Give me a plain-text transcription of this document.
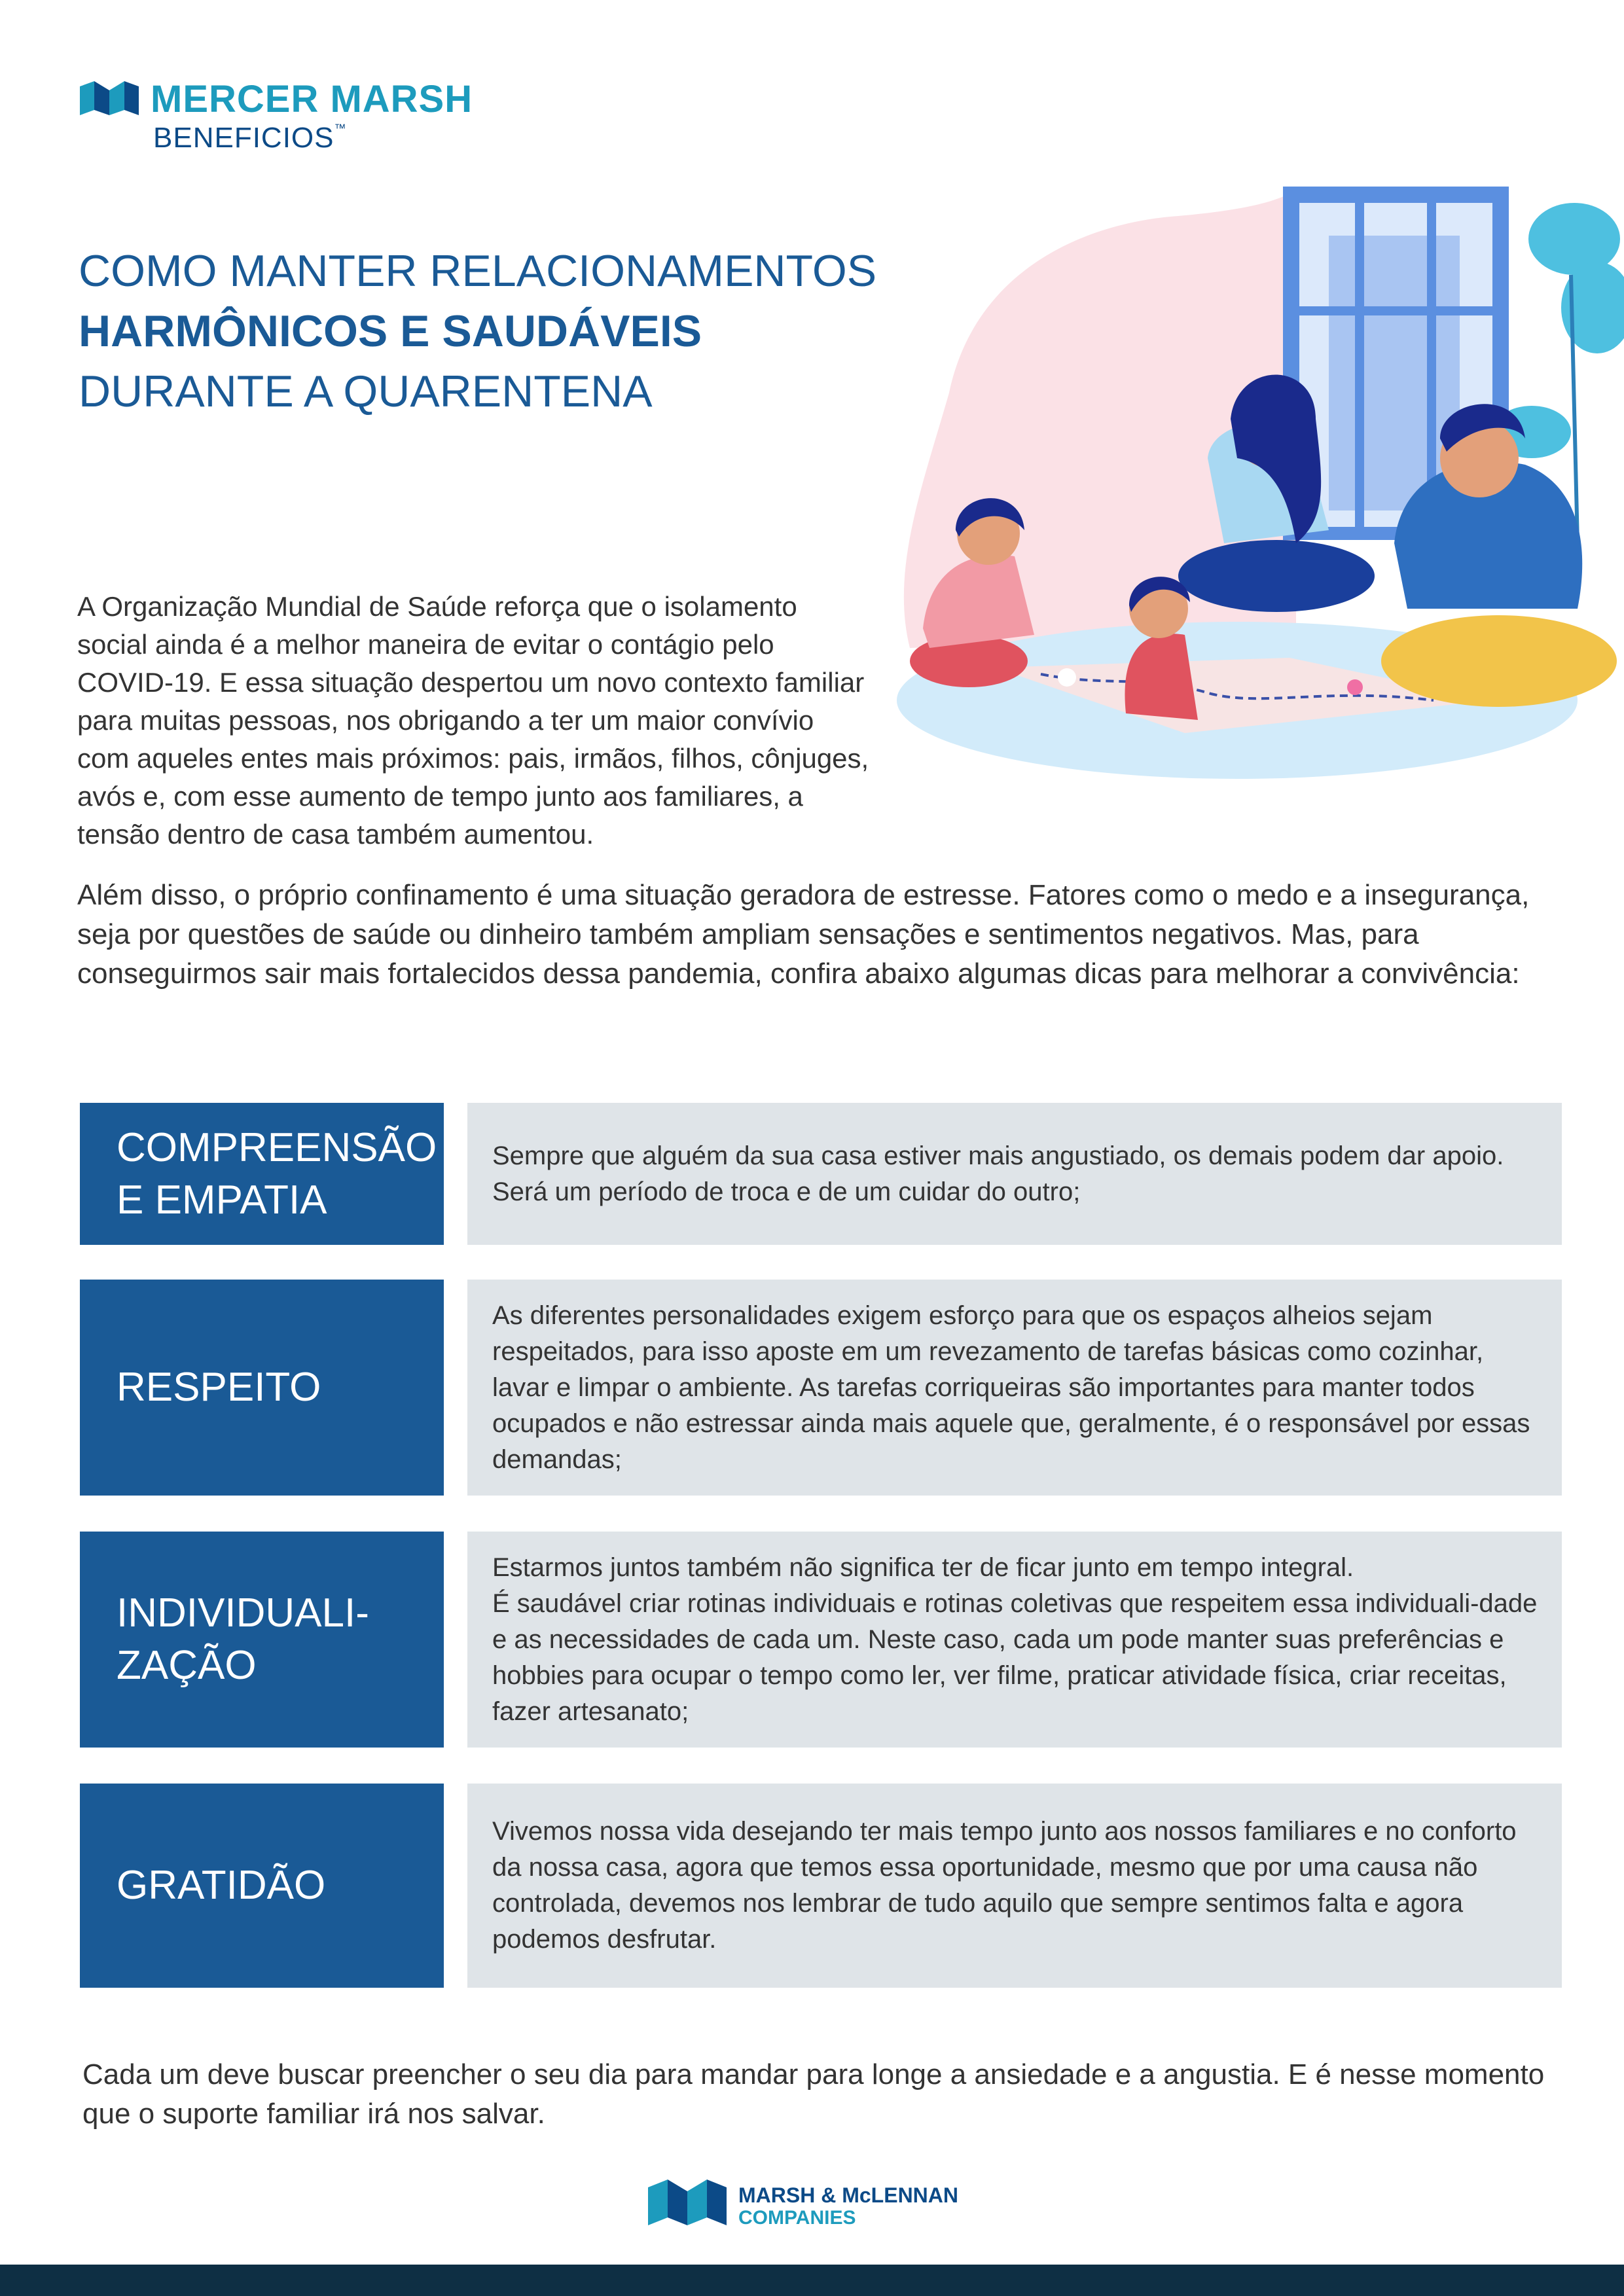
MERCER MARSH
BENEFICIOS™
COMO MANTER RELACIONAMENTOS
HARMÔNICOS E SAUDÁVEIS
DURANTE A QUARENTENA
A Organização Mundial de Saúde reforça que o isolamento social ainda é a melhor maneira de evitar o contágio pelo COVID-19. E essa situação despertou um novo contexto familiar para muitas pessoas, nos obrigando a ter um maior convívio com aqueles entes mais próximos: pais, irmãos, filhos, cônjuges, avós e, com esse aumento de tempo junto aos familiares, a tensão dentro de casa também aumentou.
Além disso, o próprio confinamento é uma situação geradora de estresse. Fatores como o medo e a insegurança, seja por questões de saúde ou dinheiro também ampliam sensações e sentimentos negativos. Mas, para conseguirmos sair mais fortalecidos dessa pandemia, confira abaixo algumas dicas para melhorar a convivência:
COMPREENSÃO E EMPATIA
Sempre que alguém da sua casa estiver mais angustiado, os demais podem dar apoio. Será um período de troca e de um cuidar do outro;
RESPEITO
As diferentes personalidades exigem esforço para que os espaços alheios sejam respeitados, para isso aposte em um revezamento de tarefas básicas como cozinhar, lavar e limpar o ambiente. As tarefas corriqueiras são importantes para manter todos ocupados e não estressar ainda mais aquele que, geralmente, é o responsável por essas demandas;
INDIVIDUALI-ZAÇÃO
Estarmos juntos também não significa ter de ficar junto em tempo integral.
É saudável criar rotinas individuais e rotinas coletivas que respeitem essa individuali-dade e as necessidades de cada um. Neste caso, cada um pode manter suas preferências e hobbies para ocupar o tempo como ler, ver filme, praticar atividade física, criar receitas, fazer artesanato;
GRATIDÃO
Vivemos nossa vida desejando ter mais tempo junto aos nossos familiares e no conforto da nossa casa, agora que temos essa oportunidade, mesmo que por uma causa não controlada, devemos nos lembrar de tudo aquilo que sempre sentimos falta e agora podemos desfrutar.
Cada um deve buscar preencher o seu dia para mandar para longe a ansiedade e a angustia. E é nesse momento que o suporte familiar irá nos salvar.
MARSH & McLENNAN
COMPANIES
